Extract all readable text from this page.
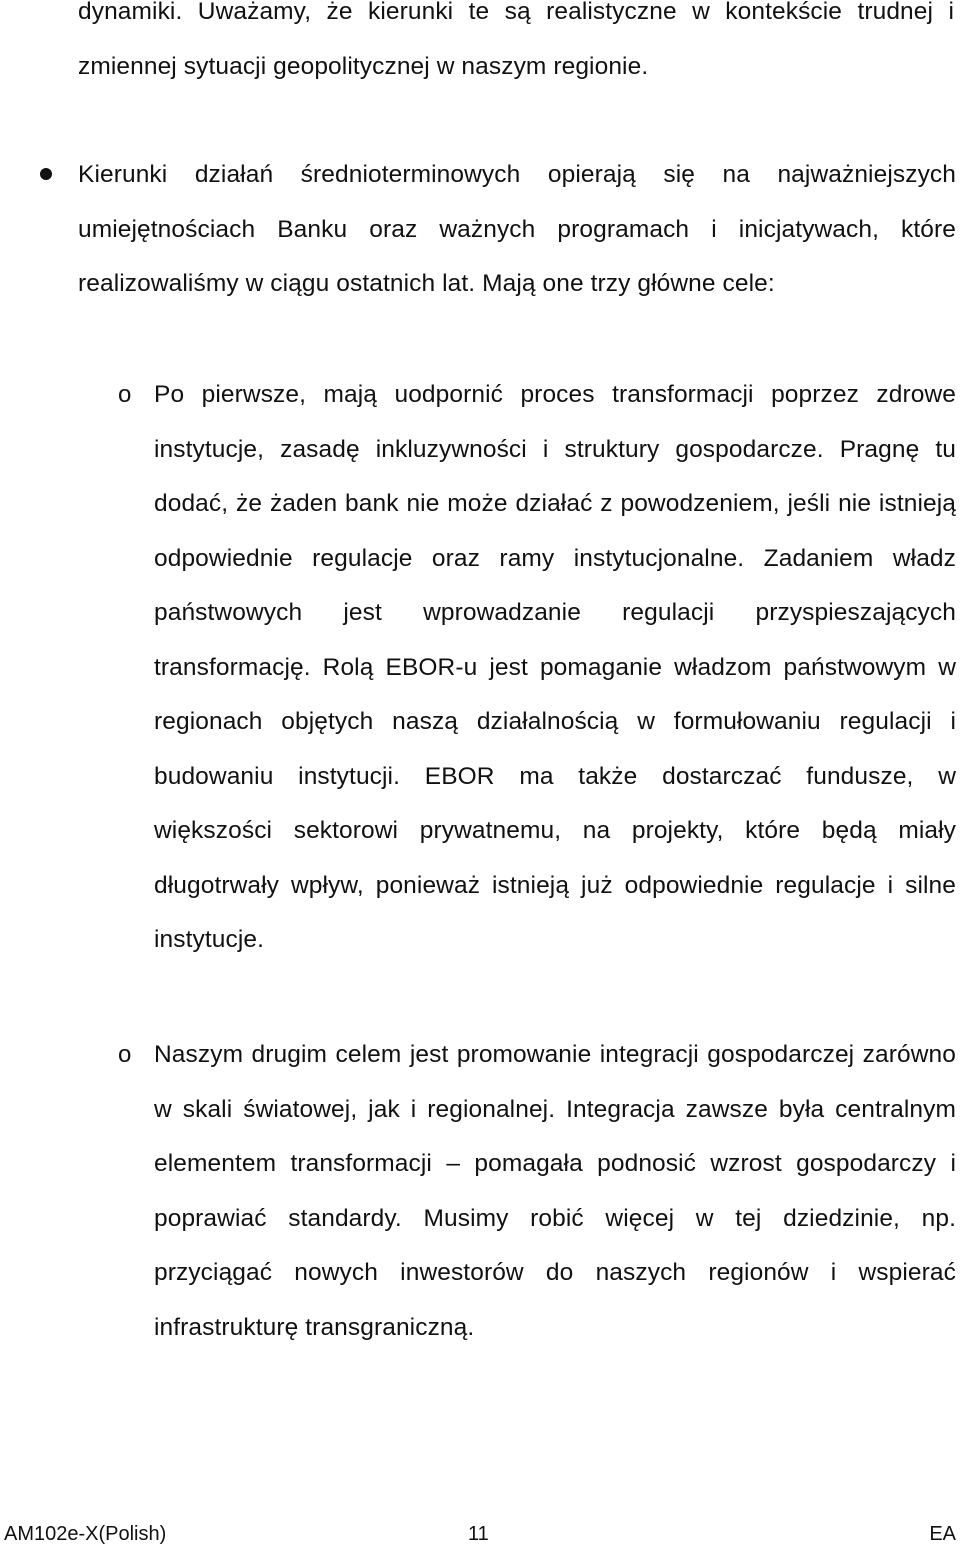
dynamiki. Uważamy, że kierunki te są realistyczne w kontekście trudnej i zmiennej sytuacji geopolitycznej w naszym regionie.

Kierunki działań średnioterminowych opierają się na najważniejszych umiejętnościach Banku oraz ważnych programach i inicjatywach, które realizowaliśmy w ciągu ostatnich lat. Mają one trzy główne cele:

o Po pierwsze, mają uodpornić proces transformacji poprzez zdrowe instytucje, zasadę inkluzywności i struktury gospodarcze. Pragnę tu dodać, że żaden bank nie może działać z powodzeniem, jeśli nie istnieją odpowiednie regulacje oraz ramy instytucjonalne. Zadaniem władz państwowych jest wprowadzanie regulacji przyspieszających transformację. Rolą EBOR-u jest pomaganie władzom państwowym w regionach objętych naszą działalnością w formułowaniu regulacji i budowaniu instytucji. EBOR ma także dostarczać fundusze, w większości sektorowi prywatnemu, na projekty, które będą miały długotrwały wpływ, ponieważ istnieją już odpowiednie regulacje i silne instytucje.

o Naszym drugim celem jest promowanie integracji gospodarczej zarówno w skali światowej, jak i regionalnej. Integracja zawsze była centralnym elementem transformacji – pomagała podnosić wzrost gospodarczy i poprawiać standardy. Musimy robić więcej w tej dziedzinie, np. przyciągać nowych inwestorów do naszych regionów i wspierać infrastrukturę transgraniczną.

AM102e-X(Polish)	11	EA
